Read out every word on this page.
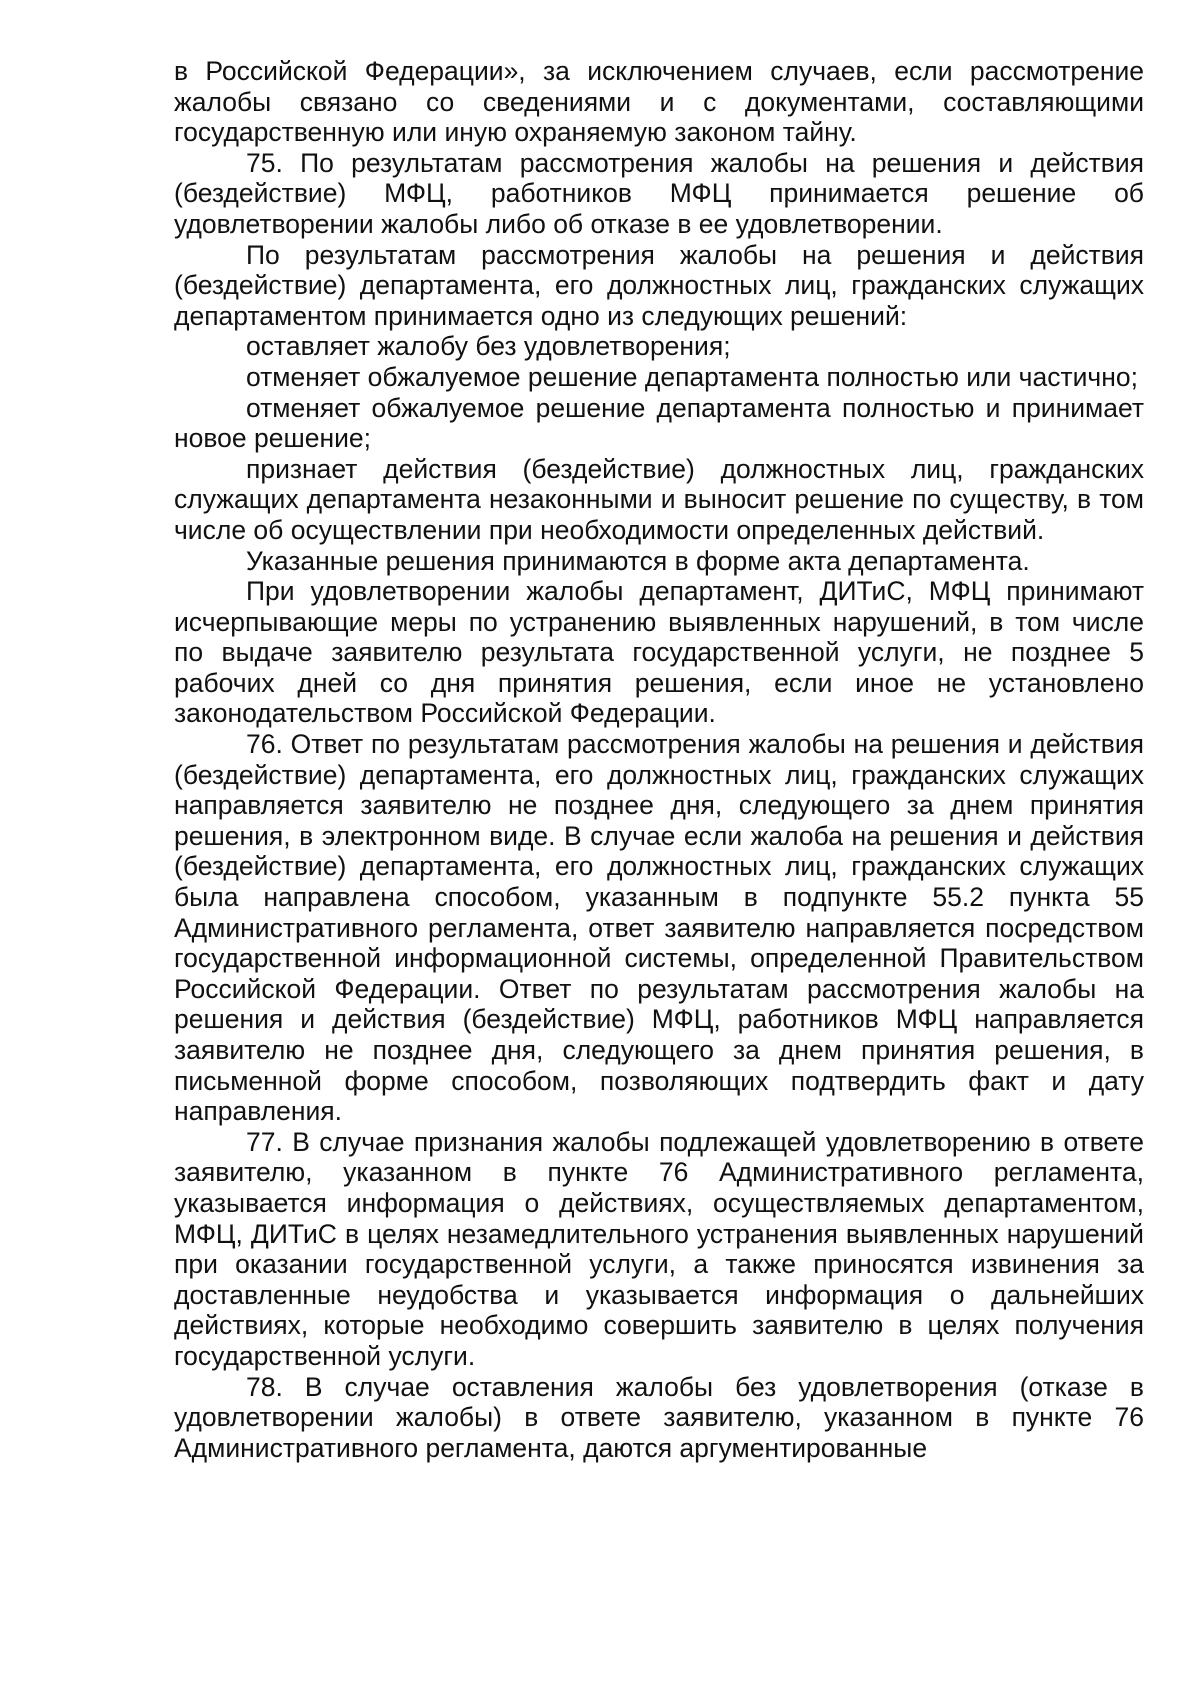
в Российской Федерации», за исключением случаев, если рассмотрение жалобы связано со сведениями и с документами, составляющими государственную или иную охраняемую законом тайну.

75. По результатам рассмотрения жалобы на решения и действия (бездействие) МФЦ, работников МФЦ принимается решение об удовлетворении жалобы либо об отказе в ее удовлетворении.

По результатам рассмотрения жалобы на решения и действия (бездействие) департамента, его должностных лиц, гражданских служащих департаментом принимается одно из следующих решений:

оставляет жалобу без удовлетворения;

отменяет обжалуемое решение департамента полностью или частично;

отменяет обжалуемое решение департамента полностью и принимает новое решение;

признает действия (бездействие) должностных лиц, гражданских служащих департамента незаконными и выносит решение по существу, в том числе об осуществлении при необходимости определенных действий.

Указанные решения принимаются в форме акта департамента.

При удовлетворении жалобы департамент, ДИТиС, МФЦ принимают исчерпывающие меры по устранению выявленных нарушений, в том числе по выдаче заявителю результата государственной услуги, не позднее 5 рабочих дней со дня принятия решения, если иное не установлено законодательством Российской Федерации.

76. Ответ по результатам рассмотрения жалобы на решения и действия (бездействие) департамента, его должностных лиц, гражданских служащих направляется заявителю не позднее дня, следующего за днем принятия решения, в электронном виде. В случае если жалоба на решения и действия (бездействие) департамента, его должностных лиц, гражданских служащих была направлена способом, указанным в подпункте 55.2 пункта 55 Административного регламента, ответ заявителю направляется посредством государственной информационной системы, определенной Правительством Российской Федерации. Ответ по результатам рассмотрения жалобы на решения и действия (бездействие) МФЦ, работников МФЦ направляется заявителю не позднее дня, следующего за днем принятия решения, в письменной форме способом, позволяющих подтвердить факт и дату направления.

77. В случае признания жалобы подлежащей удовлетворению в ответе заявителю, указанном в пункте 76 Административного регламента, указывается информация о действиях, осуществляемых департаментом, МФЦ, ДИТиС в целях незамедлительного устранения выявленных нарушений при оказании государственной услуги, а также приносятся извинения за доставленные неудобства и указывается информация о дальнейших действиях, которые необходимо совершить заявителю в целях получения государственной услуги.

78. В случае оставления жалобы без удовлетворения (отказе в удовлетворении жалобы) в ответе заявителю, указанном в пункте 76 Административного регламента, даются аргументированные
